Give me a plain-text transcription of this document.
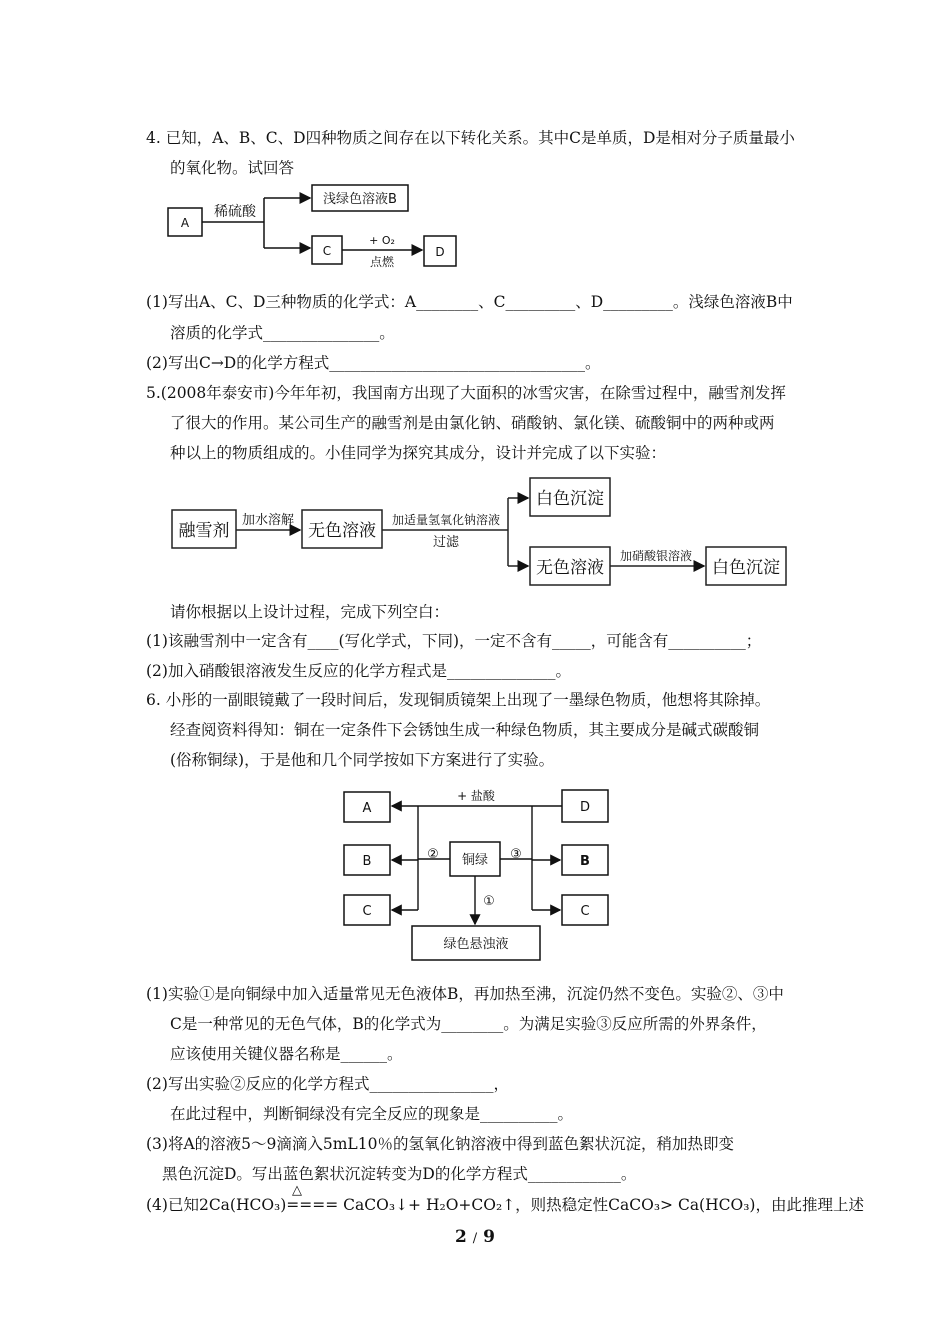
4. 已知，A、B、C、D四种物质之间存在以下转化关系。其中C是单质，D是相对分子质量最小
的氧化物。试回答
A
稀硫酸
浅绿色溶液B
C
+ O₂
点燃
D
(1)写出A、C、D三种物质的化学式：A________、C_________、D_________。浅绿色溶液B中
溶质的化学式_______________。
(2)写出C→D的化学方程式_________________________________。
5.(2008年泰安市)今年年初，我国南方出现了大面积的冰雪灾害，在除雪过程中，融雪剂发挥
了很大的作用。某公司生产的融雪剂是由氯化钠、硝酸钠、氯化镁、硫酸铜中的两种或两
种以上的物质组成的。小佳同学为探究其成分，设计并完成了以下实验：
融雪剂
加水溶解
无色溶液
加适量氢氧化钠溶液
过滤
白色沉淀
无色溶液
加硝酸银溶液
白色沉淀
请你根据以上设计过程，完成下列空白：
(1)该融雪剂中一定含有____(写化学式，下同)，一定不含有_____，可能含有__________；
(2)加入硝酸银溶液发生反应的化学方程式是______________。
6. 小彤的一副眼镜戴了一段时间后，发现铜质镜架上出现了一墨绿色物质，他想将其除掉。
经查阅资料得知：铜在一定条件下会锈蚀生成一种绿色物质，其主要成分是碱式碳酸铜
(俗称铜绿)，于是他和几个同学按如下方案进行了实验。
A
B
C
D
B
C
+ 盐酸
铜绿
②	③
①
绿色悬浊液
(1)实验①是向铜绿中加入适量常见无色液体B，再加热至沸，沉淀仍然不变色。实验②、③中
C是一种常见的无色气体，B的化学式为________。为满足实验③反应所需的外界条件，
应该使用关键仪器名称是______。
(2)写出实验②反应的化学方程式________________，
在此过程中，判断铜绿没有完全反应的现象是__________。
(3)将A的溶液5～9滴滴入5mL10％的氢氧化钠溶液中得到蓝色絮状沉淀，稍加热即变
黑色沉淀D。写出蓝色絮状沉淀转变为D的化学方程式____________。
△
(4)已知2Ca(HCO₃)==== CaCO₃↓+ H₂O+CO₂↑，则热稳定性CaCO₃> Ca(HCO₃)，由此推理上述
2 / 9
